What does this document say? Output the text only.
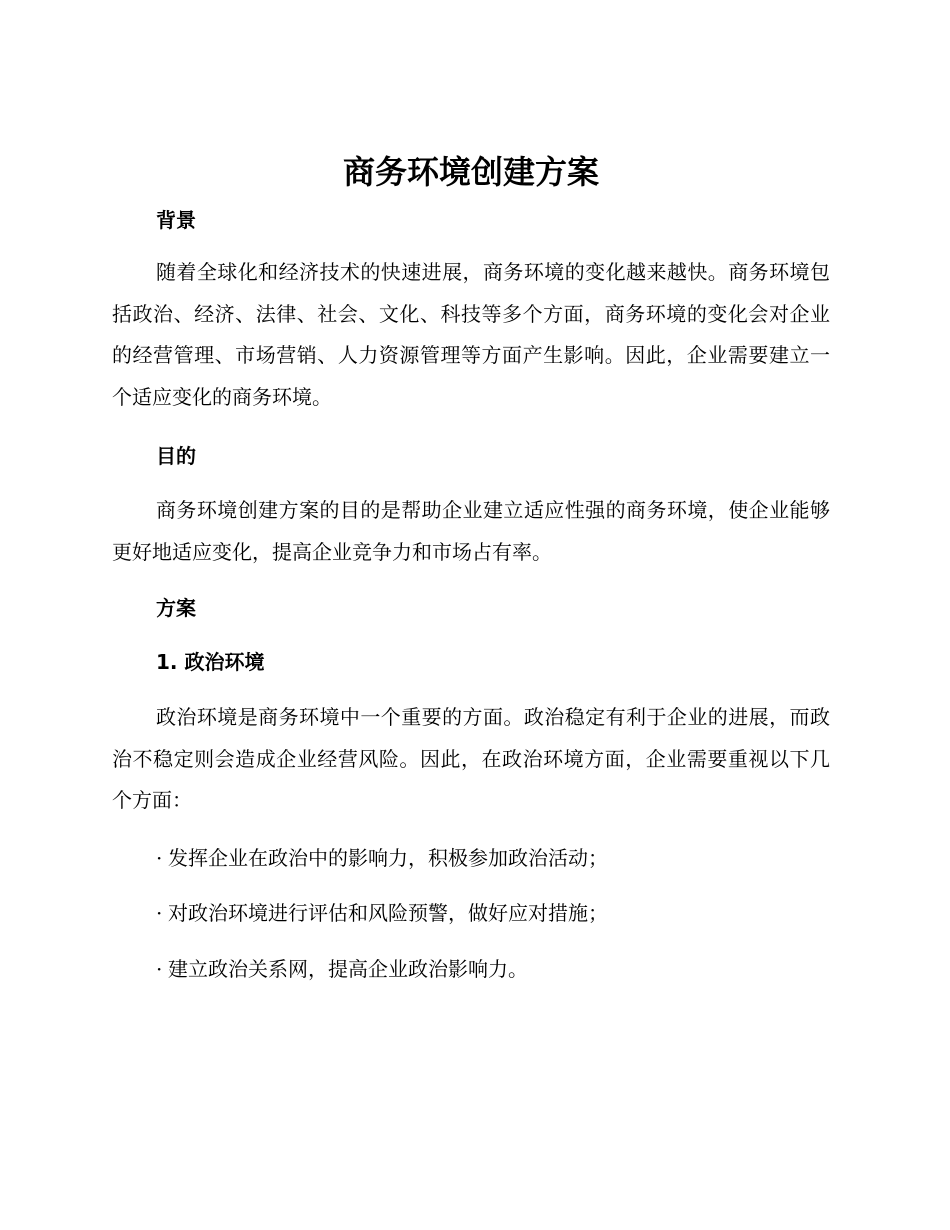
商务环境创建方案
背景

随着全球化和经济技术的快速进展，商务环境的变化越来越快。商务环境包括政治、经济、法律、社会、文化、科技等多个方面，商务环境的变化会对企业的经营管理、市场营销、人力资源管理等方面产生影响。因此，企业需要建立一个适应变化的商务环境。

目的

商务环境创建方案的目的是帮助企业建立适应性强的商务环境，使企业能够更好地适应变化，提高企业竞争力和市场占有率。

方案
1. 政治环境

政治环境是商务环境中一个重要的方面。政治稳定有利于企业的进展，而政治不稳定则会造成企业经营风险。因此，在政治环境方面，企业需要重视以下几个方面：

· 发挥企业在政治中的影响力，积极参加政治活动；
· 对政治环境进行评估和风险预警，做好应对措施；
· 建立政治关系网，提高企业政治影响力。
